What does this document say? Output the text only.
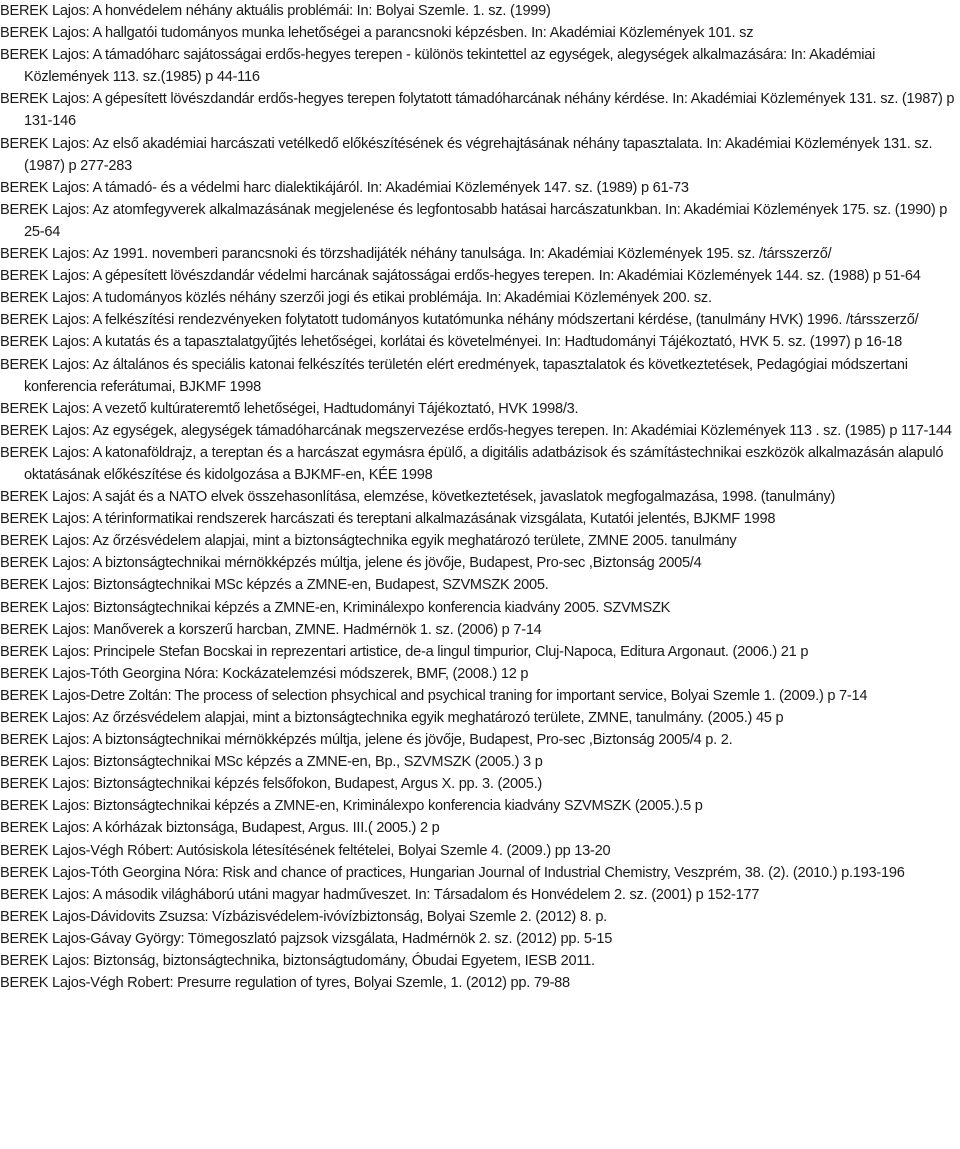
BEREK Lajos: A honvédelem néhány aktuális problémái: In: Bolyai Szemle. 1. sz. (1999)

BEREK Lajos: A hallgatói tudományos munka lehetőségei a parancsnoki képzésben. In: Akadémiai Közlemények 101. sz

BEREK Lajos: A támadóharc sajátosságai erdős-hegyes terepen - különös tekintettel az egységek, alegységek alkalmazására: In: Akadémiai Közlemények 113. sz.(1985) p 44-116

BEREK Lajos: A gépesített lövészdandár erdős-hegyes terepen folytatott támadóharcának néhány kérdése. In: Akadémiai Közlemények 131. sz. (1987) p 131-146

BEREK Lajos: Az első akadémiai harcászati vetélkedő előkészítésének és végrehajtásának néhány tapasztalata. In: Akadémiai Közlemények 131. sz. (1987) p 277-283

BEREK Lajos: A támadó- és a védelmi harc dialektikájáról. In: Akadémiai Közlemények 147. sz. (1989) p 61-73

BEREK Lajos: Az atomfegyverek alkalmazásának megjelenése és legfontosabb hatásai harcászatunkban. In: Akadémiai Közlemények 175. sz. (1990) p 25-64

BEREK Lajos: Az 1991. novemberi parancsnoki és törzshadijáték néhány tanulsága. In: Akadémiai Közlemények 195. sz. /társszerző/

BEREK Lajos: A gépesített lövészdandár védelmi harcának sajátosságai erdős-hegyes terepen. In: Akadémiai Közlemények 144. sz. (1988) p 51-64

BEREK Lajos: A tudományos közlés néhány szerzői jogi és etikai problémája. In: Akadémiai Közlemények 200. sz.

BEREK Lajos: A felkészítési rendezvényeken folytatott tudományos kutatómunka néhány módszertani kérdése, (tanulmány HVK) 1996. /társszerző/

BEREK Lajos: A kutatás és a tapasztalatgyűjtés lehetőségei, korlátai és követelményei. In: Hadtudományi Tájékoztató, HVK 5. sz. (1997) p 16-18

BEREK Lajos: Az általános és speciális katonai felkészítés területén elért eredmények, tapasztalatok és következtetések, Pedagógiai módszertani konferencia referátumai, BJKMF 1998

BEREK Lajos: A vezető kultúrateremtő lehetőségei, Hadtudományi Tájékoztató, HVK 1998/3.

BEREK Lajos: Az egységek, alegységek támadóharcának megszervezése erdős-hegyes terepen. In: Akadémiai Közlemények 113 . sz. (1985) p 117-144

BEREK Lajos: A katonaföldrajz, a tereptan és a harcászat egymásra épülő, a digitális adatbázisok és számítástechnikai eszközök alkalmazásán alapuló oktatásának előkészítése és kidolgozása a BJKMF-en, KÉE 1998

BEREK Lajos: A saját és a NATO elvek összehasonlítása, elemzése, következtetések, javaslatok megfogalmazása, 1998. (tanulmány)

BEREK Lajos: A térinformatikai rendszerek harcászati és tereptani alkalmazásának vizsgálata, Kutatói jelentés, BJKMF 1998

BEREK Lajos: Az őrzésvédelem alapjai, mint a biztonságtechnika egyik meghatározó területe, ZMNE 2005. tanulmány

BEREK Lajos: A biztonságtechnikai mérnökképzés múltja, jelene és jövője, Budapest, Pro-sec ,Biztonság 2005/4

BEREK Lajos: Biztonságtechnikai MSc képzés a ZMNE-en, Budapest, SZVMSZK 2005.

BEREK Lajos: Biztonságtechnikai képzés a ZMNE-en, Kriminálexpo konferencia kiadvány 2005. SZVMSZK

BEREK Lajos: Manőverek a korszerű harcban, ZMNE. Hadmérnök 1. sz. (2006) p 7-14

BEREK Lajos: Principele Stefan Bocskai in reprezentari artistice, de-a lingul timpurior, Cluj-Napoca, Editura Argonaut. (2006.) 21 p

BEREK Lajos-Tóth Georgina Nóra: Kockázatelemzési módszerek, BMF, (2008.) 12 p

BEREK Lajos-Detre Zoltán: The process of selection phsychical and psychical traning for important service, Bolyai Szemle 1. (2009.) p 7-14

BEREK Lajos: Az őrzésvédelem alapjai, mint a biztonságtechnika egyik meghatározó területe, ZMNE, tanulmány. (2005.) 45 p

BEREK Lajos: A biztonságtechnikai mérnökképzés múltja, jelene és jövője, Budapest, Pro-sec ,Biztonság 2005/4 p. 2.

BEREK Lajos: Biztonságtechnikai MSc képzés a ZMNE-en, Bp., SZVMSZK (2005.) 3 p

BEREK Lajos: Biztonságtechnikai képzés felsőfokon, Budapest, Argus X. pp. 3. (2005.)

BEREK Lajos: Biztonságtechnikai képzés a ZMNE-en, Kriminálexpo konferencia kiadvány SZVMSZK (2005.).5 p

BEREK Lajos: A kórházak biztonsága, Budapest, Argus. III.( 2005.) 2 p

BEREK Lajos-Végh Róbert: Autósiskola létesítésének feltételei, Bolyai Szemle 4. (2009.) pp 13-20

BEREK Lajos-Tóth Georgina Nóra: Risk and chance of practices, Hungarian Journal of Industrial Chemistry, Veszprém, 38. (2). (2010.) p.193-196

BEREK Lajos: A második világháború utáni magyar hadműveszet. In: Társadalom és Honvédelem 2. sz. (2001) p 152-177

BEREK Lajos-Dávidovits Zsuzsa: Vízbázisvédelem-ivóvízbiztonság, Bolyai Szemle 2. (2012) 8. p.

BEREK Lajos-Gávay György: Tömegoszlató pajzsok vizsgálata, Hadmérnök 2. sz. (2012) pp. 5-15

BEREK Lajos: Biztonság, biztonságtechnika, biztonságtudomány, Óbudai Egyetem, IESB 2011.

BEREK Lajos-Végh Robert: Presurre regulation of tyres, Bolyai Szemle, 1. (2012) pp. 79-88
